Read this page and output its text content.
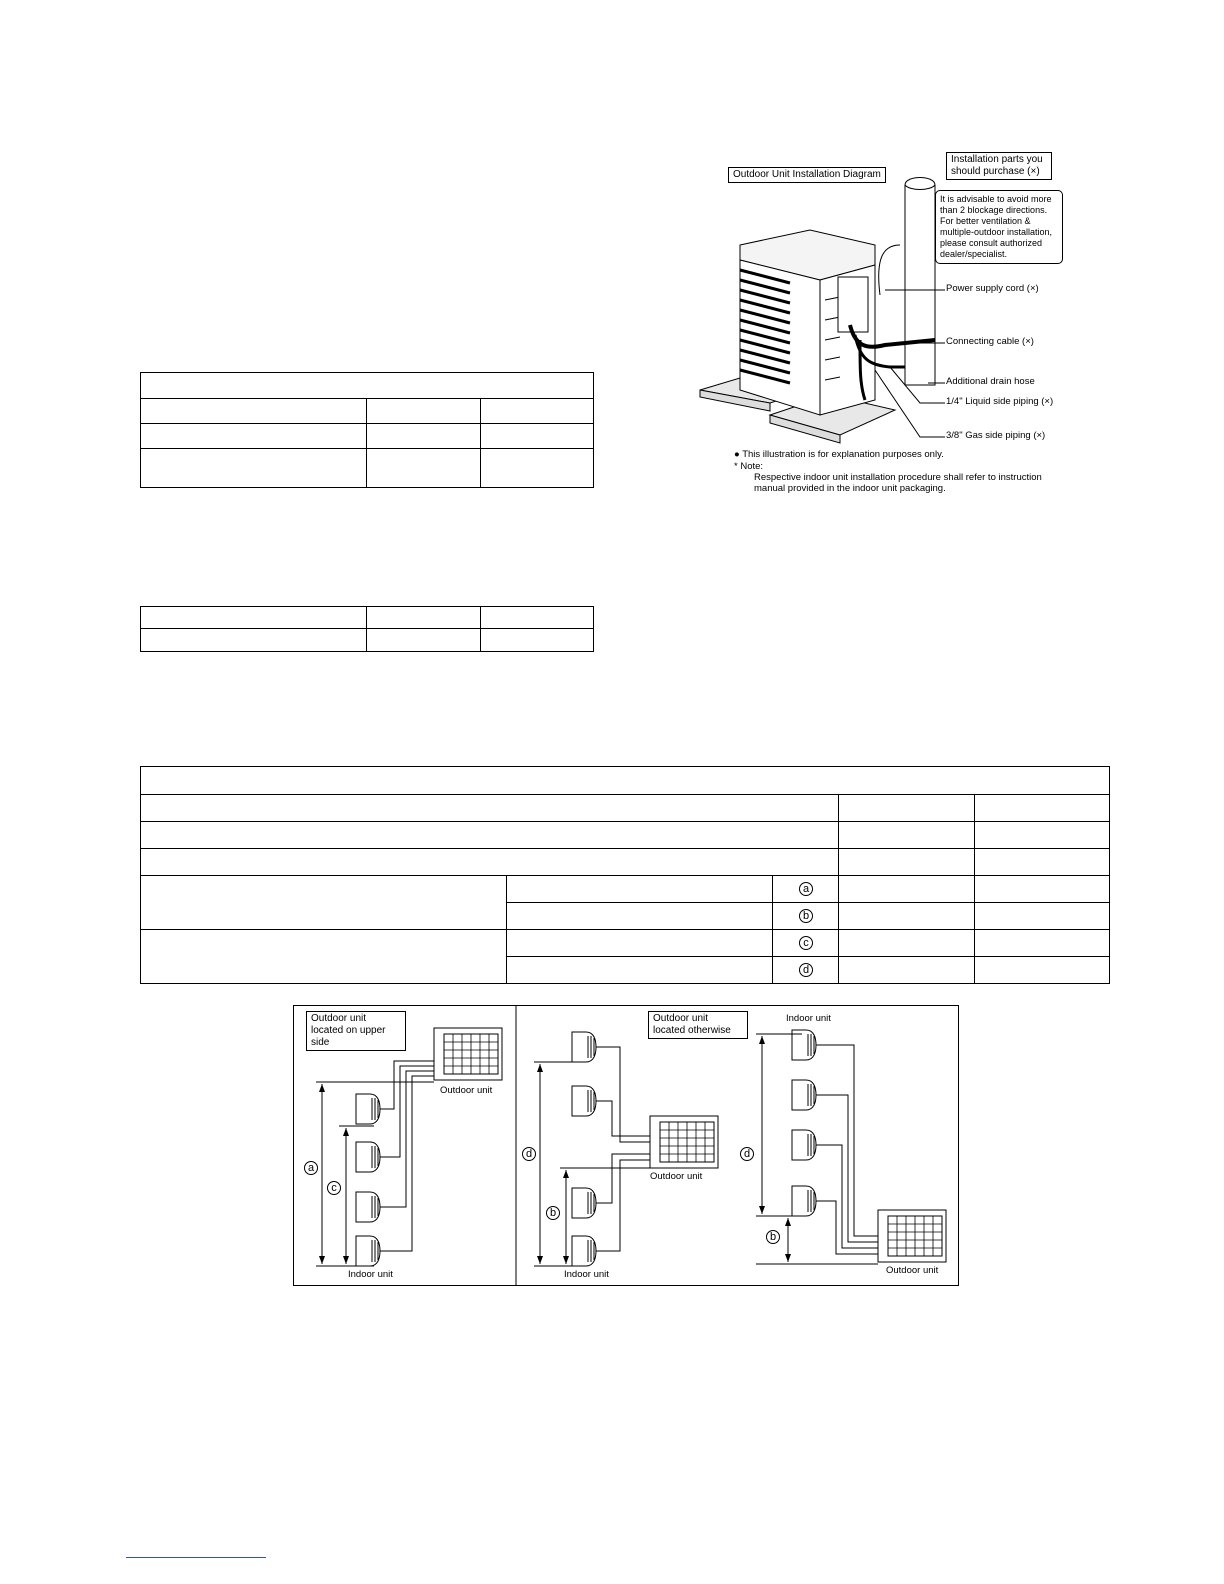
Outdoor Unit Installation Diagram
Installation parts you should purchase (×)
It is advisable to avoid more than 2 blockage directions. For better ventilation & multiple-outdoor installation, please consult authorized dealer/specialist.
Power supply cord (×)
Connecting cable (×)
Additional drain hose
1/4" Liquid side piping (×)
3/8" Gas side piping (×)
● This illustration is for explanation purposes only.
* Note:
Respective indoor unit installation procedure shall refer to instruction manual provided in the indoor unit packaging.
a
b
c
d
Outdoor unit located on upper side
Outdoor unit
Indoor unit
a
c
Outdoor unit located otherwise
Outdoor unit
Indoor unit
d
b
Indoor unit
Outdoor unit
d
b
